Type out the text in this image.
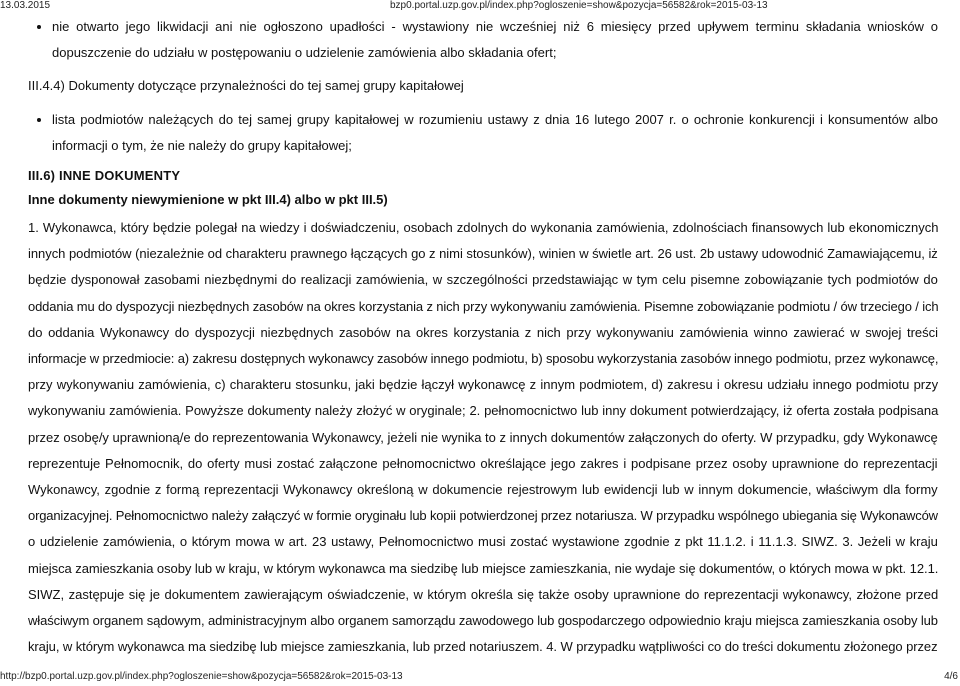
13.03.2015	bzp0.portal.uzp.gov.pl/index.php?ogloszenie=show&pozycja=56582&rok=2015-03-13

nie otwarto jego likwidacji ani nie ogłoszono upadłości - wystawiony nie wcześniej niż 6 miesięcy przed upływem terminu składania wniosków o dopuszczenie do udziału w postępowaniu o udzielenie zamówienia albo składania ofert;

III.4.4) Dokumenty dotyczące przynależności do tej samej grupy kapitałowej

lista podmiotów należących do tej samej grupy kapitałowej w rozumieniu ustawy z dnia 16 lutego 2007 r. o ochronie konkurencji i konsumentów albo informacji o tym, że nie należy do grupy kapitałowej;

III.6) INNE DOKUMENTY

Inne dokumenty niewymienione w pkt III.4) albo w pkt III.5)

1. Wykonawca, który będzie polegał na wiedzy i doświadczeniu, osobach zdolnych do wykonania zamówienia, zdolnościach finansowych lub ekonomicznych
innych podmiotów (niezależnie od charakteru prawnego łączących go z nimi stosunków), winien w świetle art. 26 ust. 2b ustawy udowodnić Zamawiającemu, iż
będzie dysponował zasobami niezbędnymi do realizacji zamówienia, w szczególności przedstawiając w tym celu pisemne zobowiązanie tych podmiotów do
oddania mu do dyspozycji niezbędnych zasobów na okres korzystania z nich przy wykonywaniu zamówienia. Pisemne zobowiązanie podmiotu / ów trzeciego / ich
do oddania Wykonawcy do dyspozycji niezbędnych zasobów na okres korzystania z nich przy wykonywaniu zamówienia winno zawierać w swojej treści
informacje w przedmiocie: a) zakresu dostępnych wykonawcy zasobów innego podmiotu, b) sposobu wykorzystania zasobów innego podmiotu, przez wykonawcę,
przy wykonywaniu zamówienia, c) charakteru stosunku, jaki będzie łączył wykonawcę z innym podmiotem, d) zakresu i okresu udziału innego podmiotu przy
wykonywaniu zamówienia. Powyższe dokumenty należy złożyć w oryginale; 2. pełnomocnictwo lub inny dokument potwierdzający, iż oferta została podpisana
przez osobę/y uprawnioną/e do reprezentowania Wykonawcy, jeżeli nie wynika to z innych dokumentów załączonych do oferty. W przypadku, gdy Wykonawcę
reprezentuje Pełnomocnik, do oferty musi zostać załączone pełnomocnictwo określające jego zakres i podpisane przez osoby uprawnione do reprezentacji
Wykonawcy, zgodnie z formą reprezentacji Wykonawcy określoną w dokumencie rejestrowym lub ewidencji lub w innym dokumencie, właściwym dla formy
organizacyjnej. Pełnomocnictwo należy załączyć w formie oryginału lub kopii potwierdzonej przez notariusza. W przypadku wspólnego ubiegania się Wykonawców
o udzielenie zamówienia, o którym mowa w art. 23 ustawy, Pełnomocnictwo musi zostać wystawione zgodnie z pkt 11.1.2. i 11.1.3. SIWZ. 3. Jeżeli w kraju
miejsca zamieszkania osoby lub w kraju, w którym wykonawca ma siedzibę lub miejsce zamieszkania, nie wydaje się dokumentów, o których mowa w pkt. 12.1.
SIWZ, zastępuje się je dokumentem zawierającym oświadczenie, w którym określa się także osoby uprawnione do reprezentacji wykonawcy, złożone przed
właściwym organem sądowym, administracyjnym albo organem samorządu zawodowego lub gospodarczego odpowiednio kraju miejsca zamieszkania osoby lub
kraju, w którym wykonawca ma siedzibę lub miejsce zamieszkania, lub przed notariuszem. 4. W przypadku wątpliwości co do treści dokumentu złożonego przez
http://bzp0.portal.uzp.gov.pl/index.php?ogloszenie=show&pozycja=56582&rok=2015-03-13	4/6
